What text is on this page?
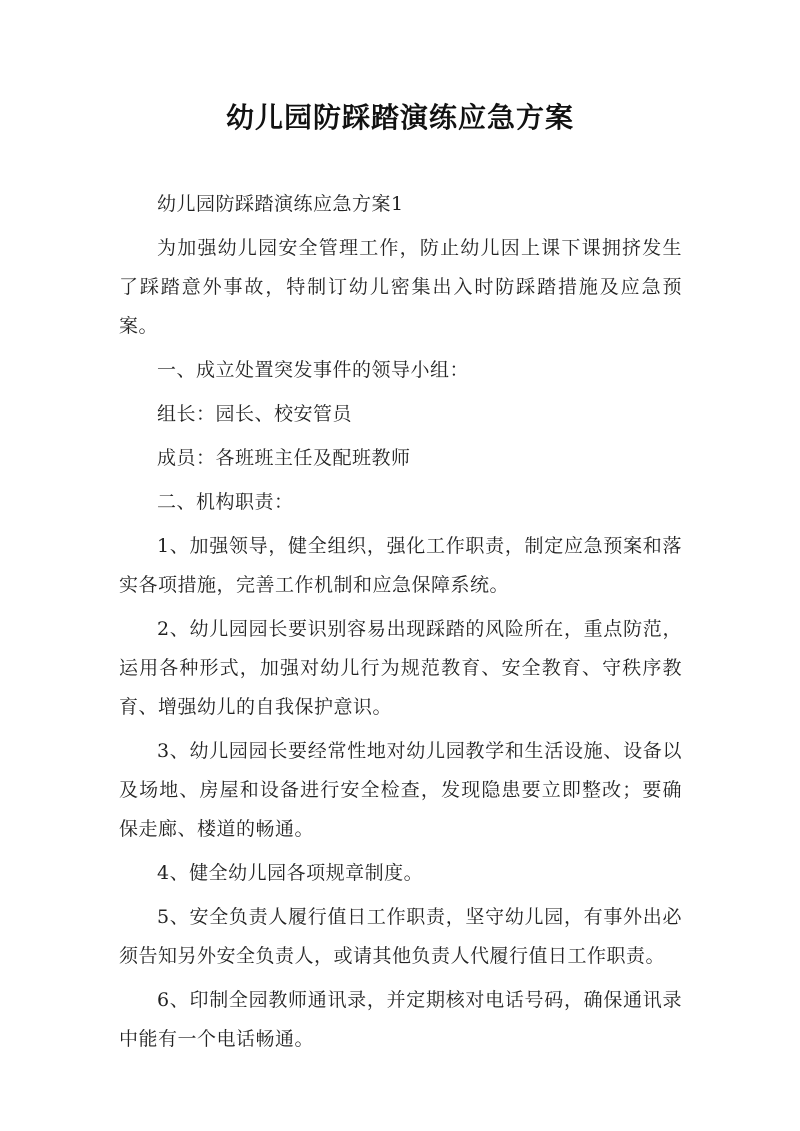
幼儿园防踩踏演练应急方案

幼儿园防踩踏演练应急方案1

为加强幼儿园安全管理工作，防止幼儿因上课下课拥挤发生了踩踏意外事故，特制订幼儿密集出入时防踩踏措施及应急预案。

一、成立处置突发事件的领导小组：

组长：园长、校安管员

成员：各班班主任及配班教师

二、机构职责：

1、加强领导，健全组织，强化工作职责，制定应急预案和落实各项措施，完善工作机制和应急保障系统。

2、幼儿园园长要识别容易出现踩踏的风险所在，重点防范，运用各种形式，加强对幼儿行为规范教育、安全教育、守秩序教育、增强幼儿的自我保护意识。

3、幼儿园园长要经常性地对幼儿园教学和生活设施、设备以及场地、房屋和设备进行安全检查，发现隐患要立即整改；要确保走廊、楼道的畅通。

4、健全幼儿园各项规章制度。

5、安全负责人履行值日工作职责，坚守幼儿园，有事外出必须告知另外安全负责人，或请其他负责人代履行值日工作职责。

6、印制全园教师通讯录，并定期核对电话号码，确保通讯录中能有一个电话畅通。
